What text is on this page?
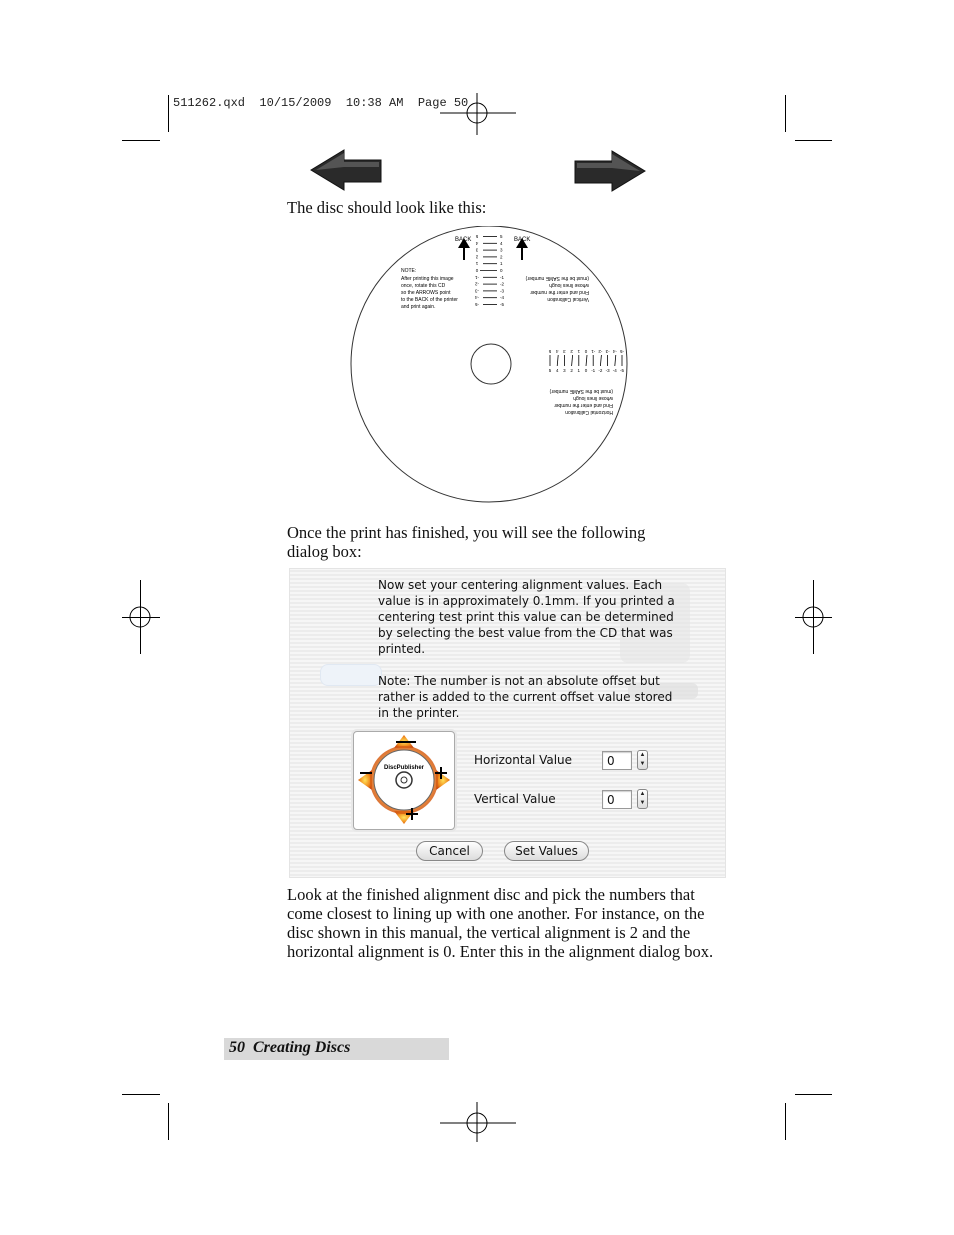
511262.qxd  10/15/2009  10:38 AM  Page 50
The disc should look like this:
BACK	BACK
NOTE:
After printing this image
once, rotate this CD
so the ARROWS point
to the BACK of the printer
and print again.
5
4
3
2
1
0
-1
-2
-3
-4
-5
5
4
3
2
1
0
-1
-2
-3
-4
-5
Vertical Calibration
Find and enter the number
whose lines lough
(must be the SAME number)
5 4 3 2 1 0 -1 -2 -3 -4 -5
5 4 3 2 1 0 -1 -2 -3 -4 -5
Horizontal Calibration
Find and enter the number
whose lines lough
(must be the SAME number)
Once the print has finished, you will see the following dialog box:

Now set your centering alignment values. Each value is in approximately 0.1mm. If you printed a centering test print this value can be determined by selecting the best value from the CD that was printed.

Note: The number is not an absolute offset but rather is added to the current offset value stored in the printer.

DiscPublisher
Horizontal Value	0	▲
▼
Vertical Value	0	▲
▼
Cancel	Set Values
Look at the finished alignment disc and pick the numbers that come closest to lining up with one another. For instance, on the disc shown in this manual, the vertical alignment is 2 and the horizontal alignment is 0. Enter this in the alignment dialog box.
50 Creating Discs
